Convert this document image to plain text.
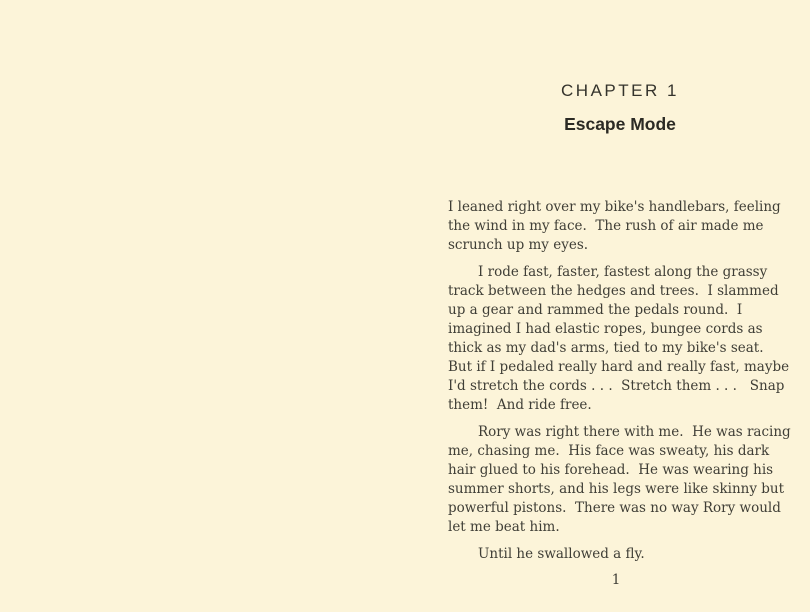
CHAPTER 1
Escape Mode

I leaned right over my bike's handlebars, feeling
the wind in my face.  The rush of air made me
scrunch up my eyes.

I rode fast, faster, fastest along the grassy
track between the hedges and trees.  I slammed
up a gear and rammed the pedals round.  I
imagined I had elastic ropes, bungee cords as
thick as my dad's arms, tied to my bike's seat.
But if I pedaled really hard and really fast, maybe
I'd stretch the cords . . .  Stretch them . . .   Snap
them!  And ride free.

Rory was right there with me.  He was racing
me, chasing me.  His face was sweaty, his dark
hair glued to his forehead.  He was wearing his
summer shorts, and his legs were like skinny but
powerful pistons.  There was no way Rory would
let me beat him.

Until he swallowed a fly.

1
